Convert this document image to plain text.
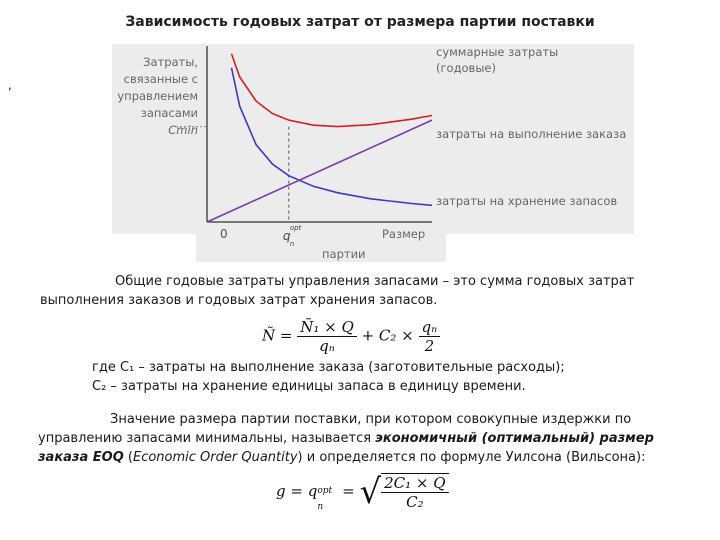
Зависимость годовых затрат от размера партии поставки
,
Затраты,
связанные с
управлением
запасами
Cmin
суммарные затраты
(годовые)
затраты на выполнение заказа
затраты на хранение запасов
0	q
n
opt	Размер
партии
Общие годовые затраты управления запасами – это сумма годовых затрат
выполнения заказов и годовых затрат хранения запасов.
Ñ = $\frac{\text{Ñ₁ × Q}}{\text{qₙ}} + C_2 \times \frac{\text{qₙ}}{2}$
где C₁ – затраты на выполнение заказа (заготовительные расходы);
C₂ – затраты на хранение единицы запаса в единицу времени.
Значение размера партии поставки, при котором совокупные издержки по
управлению запасами минимальны, называется экономичный (оптимальный) размер
заказа EOQ (Economic Order Quantity) и определяется по формуле Уилсона (Вильсона):
g = q opt
n
= √ $\frac{\text{2C₁ × Q}}{\text{C₂}}$
